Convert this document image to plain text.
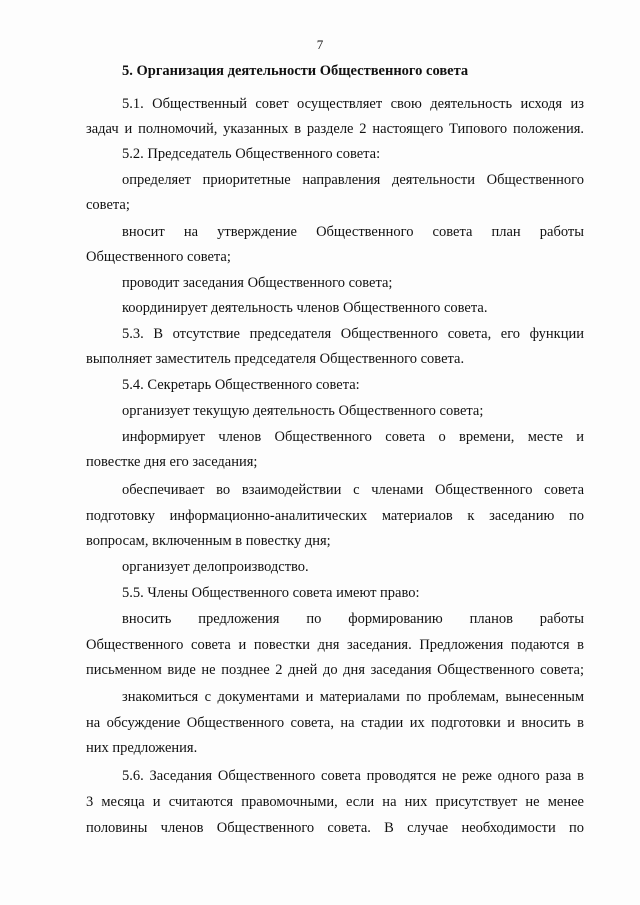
7
5. Организация деятельности Общественного совета
5.1. Общественный совет осуществляет свою деятельность исходя из
задач и полномочий, указанных в разделе 2 настоящего Типового положения.
5.2. Председатель Общественного совета:
определяет приоритетные направления деятельности Общественного
совета;
вносит на утверждение Общественного совета план работы
Общественного совета;
проводит заседания Общественного совета;
координирует деятельность членов Общественного совета.
5.3. В отсутствие председателя Общественного совета, его функции
выполняет заместитель председателя Общественного совета.
5.4. Секретарь Общественного совета:
организует текущую деятельность Общественного совета;
информирует членов Общественного совета о времени, месте и
повестке дня его заседания;
обеспечивает во взаимодействии с членами Общественного совета
подготовку информационно-аналитических материалов к заседанию по
вопросам, включенным в повестку дня;
организует делопроизводство.
5.5. Члены Общественного совета имеют право:
вносить предложения по формированию планов работы
Общественного совета и повестки дня заседания. Предложения подаются в
письменном виде не позднее 2 дней до дня заседания Общественного совета;
знакомиться с документами и материалами по проблемам, вынесенным
на обсуждение Общественного совета, на стадии их подготовки и вносить в
них предложения.
5.6. Заседания Общественного совета проводятся не реже одного раза в
3 месяца и считаются правомочными, если на них присутствует не менее
половины членов Общественного совета. В случае необходимости по
